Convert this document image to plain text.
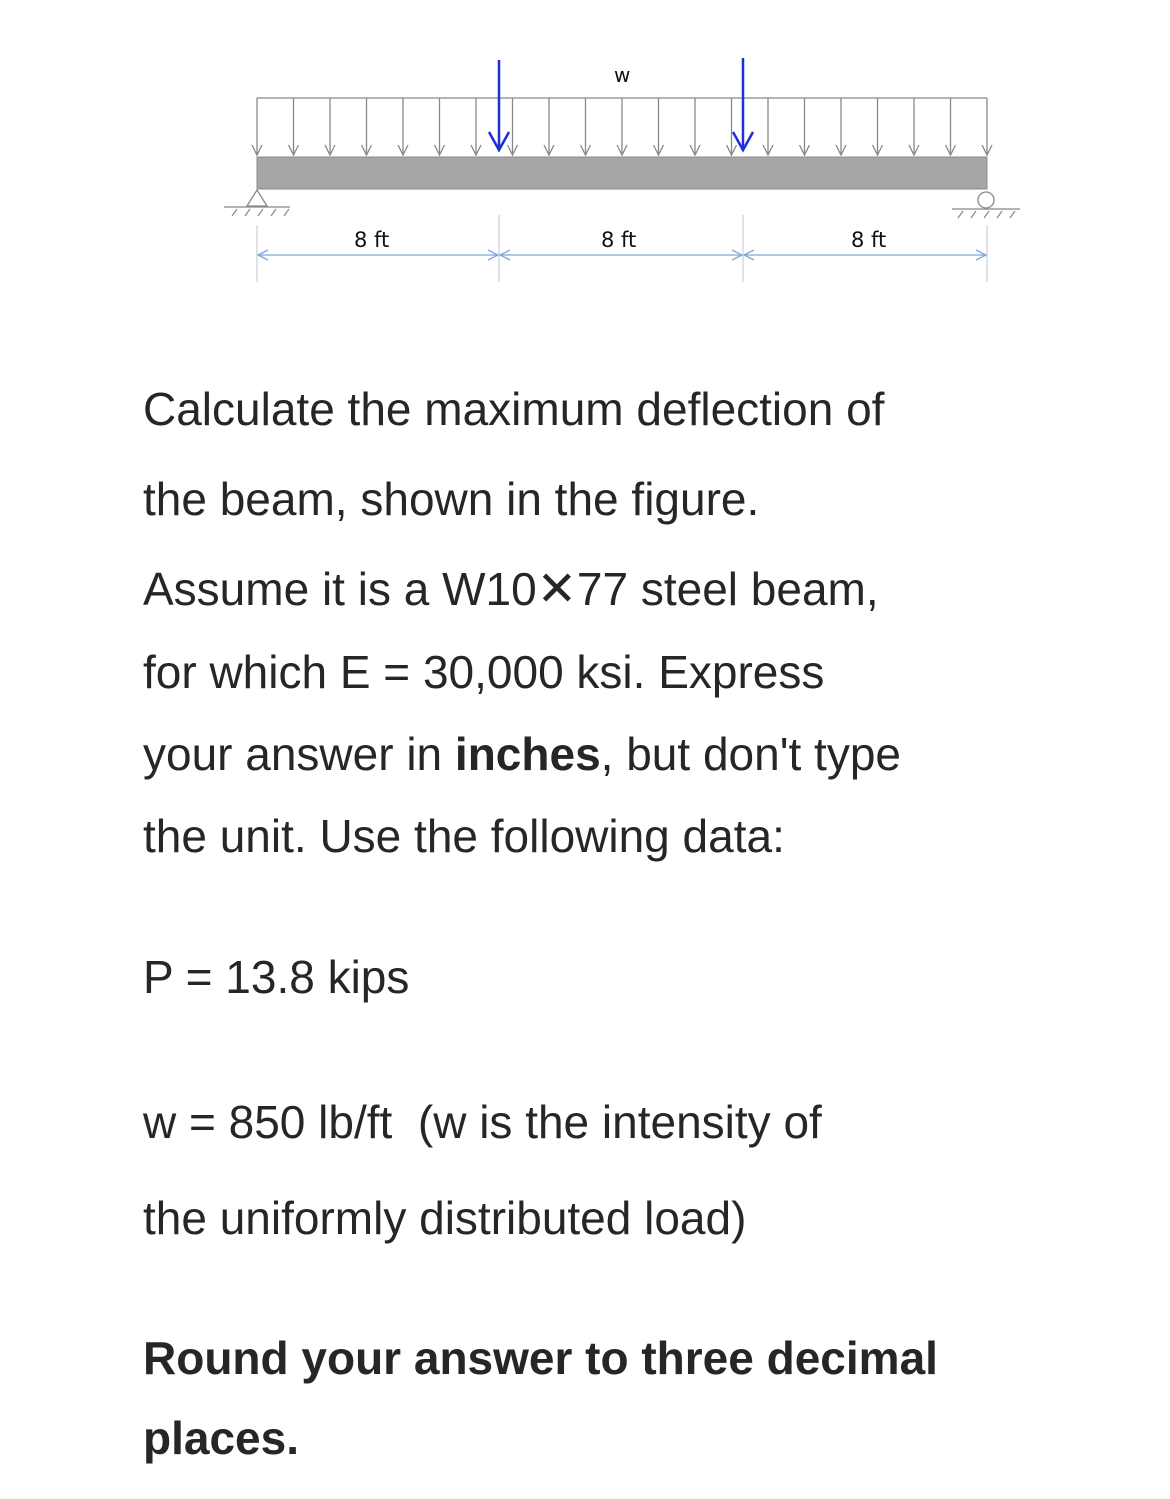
w
8 ft	8 ft	8 ft
Calculate the maximum deflection of
the beam, shown in the figure.
Assume it is a W10✕77 steel beam,
for which E = 30,000 ksi. Express
your answer in inches, but don't type
the unit. Use the following data:
P = 13.8 kips
w = 850 lb/ft  (w is the intensity of
the uniformly distributed load)
Round your answer to three decimal
places.
